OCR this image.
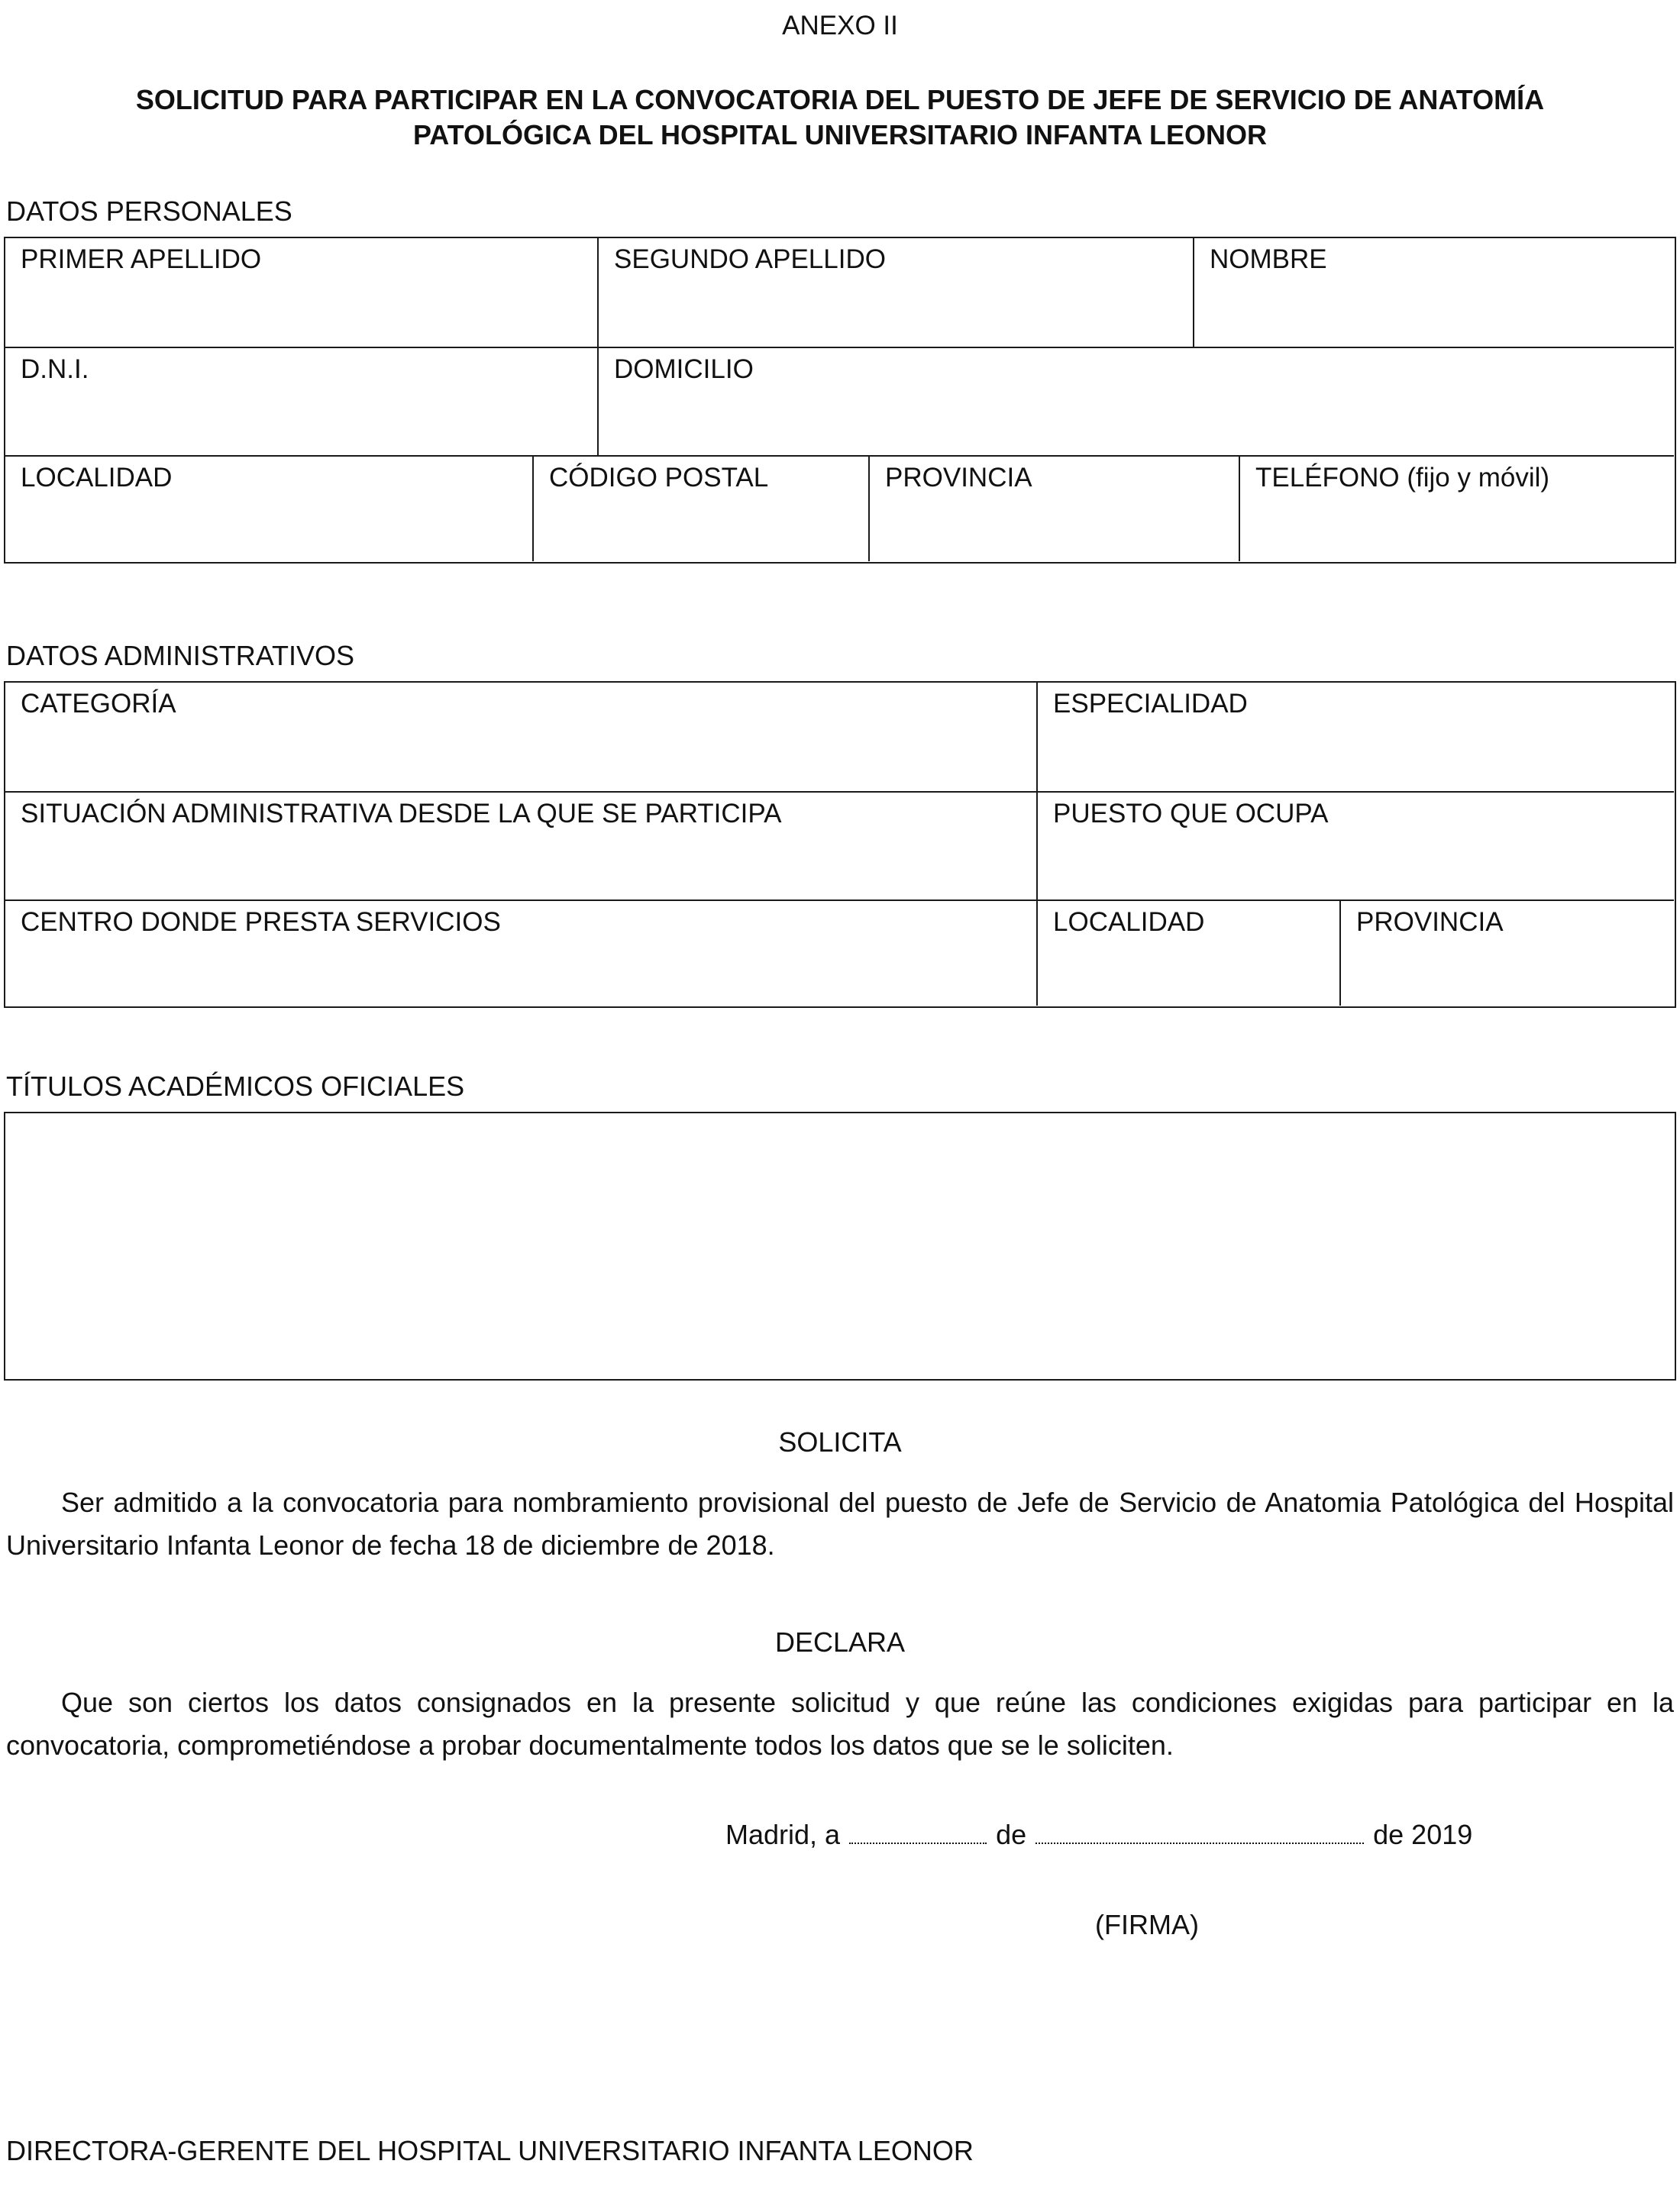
ANEXO II
SOLICITUD PARA PARTICIPAR EN LA CONVOCATORIA DEL PUESTO DE JEFE DE SERVICIO DE ANATOMÍA
PATOLÓGICA DEL HOSPITAL UNIVERSITARIO INFANTA LEONOR
DATOS PERSONALES
PRIMER APELLIDO	SEGUNDO APELLIDO	NOMBRE
D.N.I.	DOMICILIO
LOCALIDAD	CÓDIGO POSTAL	PROVINCIA	TELÉFONO (fijo y móvil)
DATOS ADMINISTRATIVOS
CATEGORÍA	ESPECIALIDAD
SITUACIÓN ADMINISTRATIVA DESDE LA QUE SE PARTICIPA	PUESTO QUE OCUPA
CENTRO DONDE PRESTA SERVICIOS	LOCALIDAD	PROVINCIA
TÍTULOS ACADÉMICOS OFICIALES
SOLICITA

Ser admitido a la convocatoria para nombramiento provisional del puesto de Jefe de Servicio de Anatomia Patológica del Hospital Universitario Infanta Leonor de fecha 18 de diciembre de 2018.

DECLARA

Que son ciertos los datos consignados en la presente solicitud y que reúne las condiciones exigidas para participar en la convocatoria, comprometiéndose a probar documentalmente todos los datos que se le soliciten.

Madrid, a	de	de 2019
(FIRMA)
DIRECTORA-GERENTE DEL HOSPITAL UNIVERSITARIO INFANTA LEONOR
